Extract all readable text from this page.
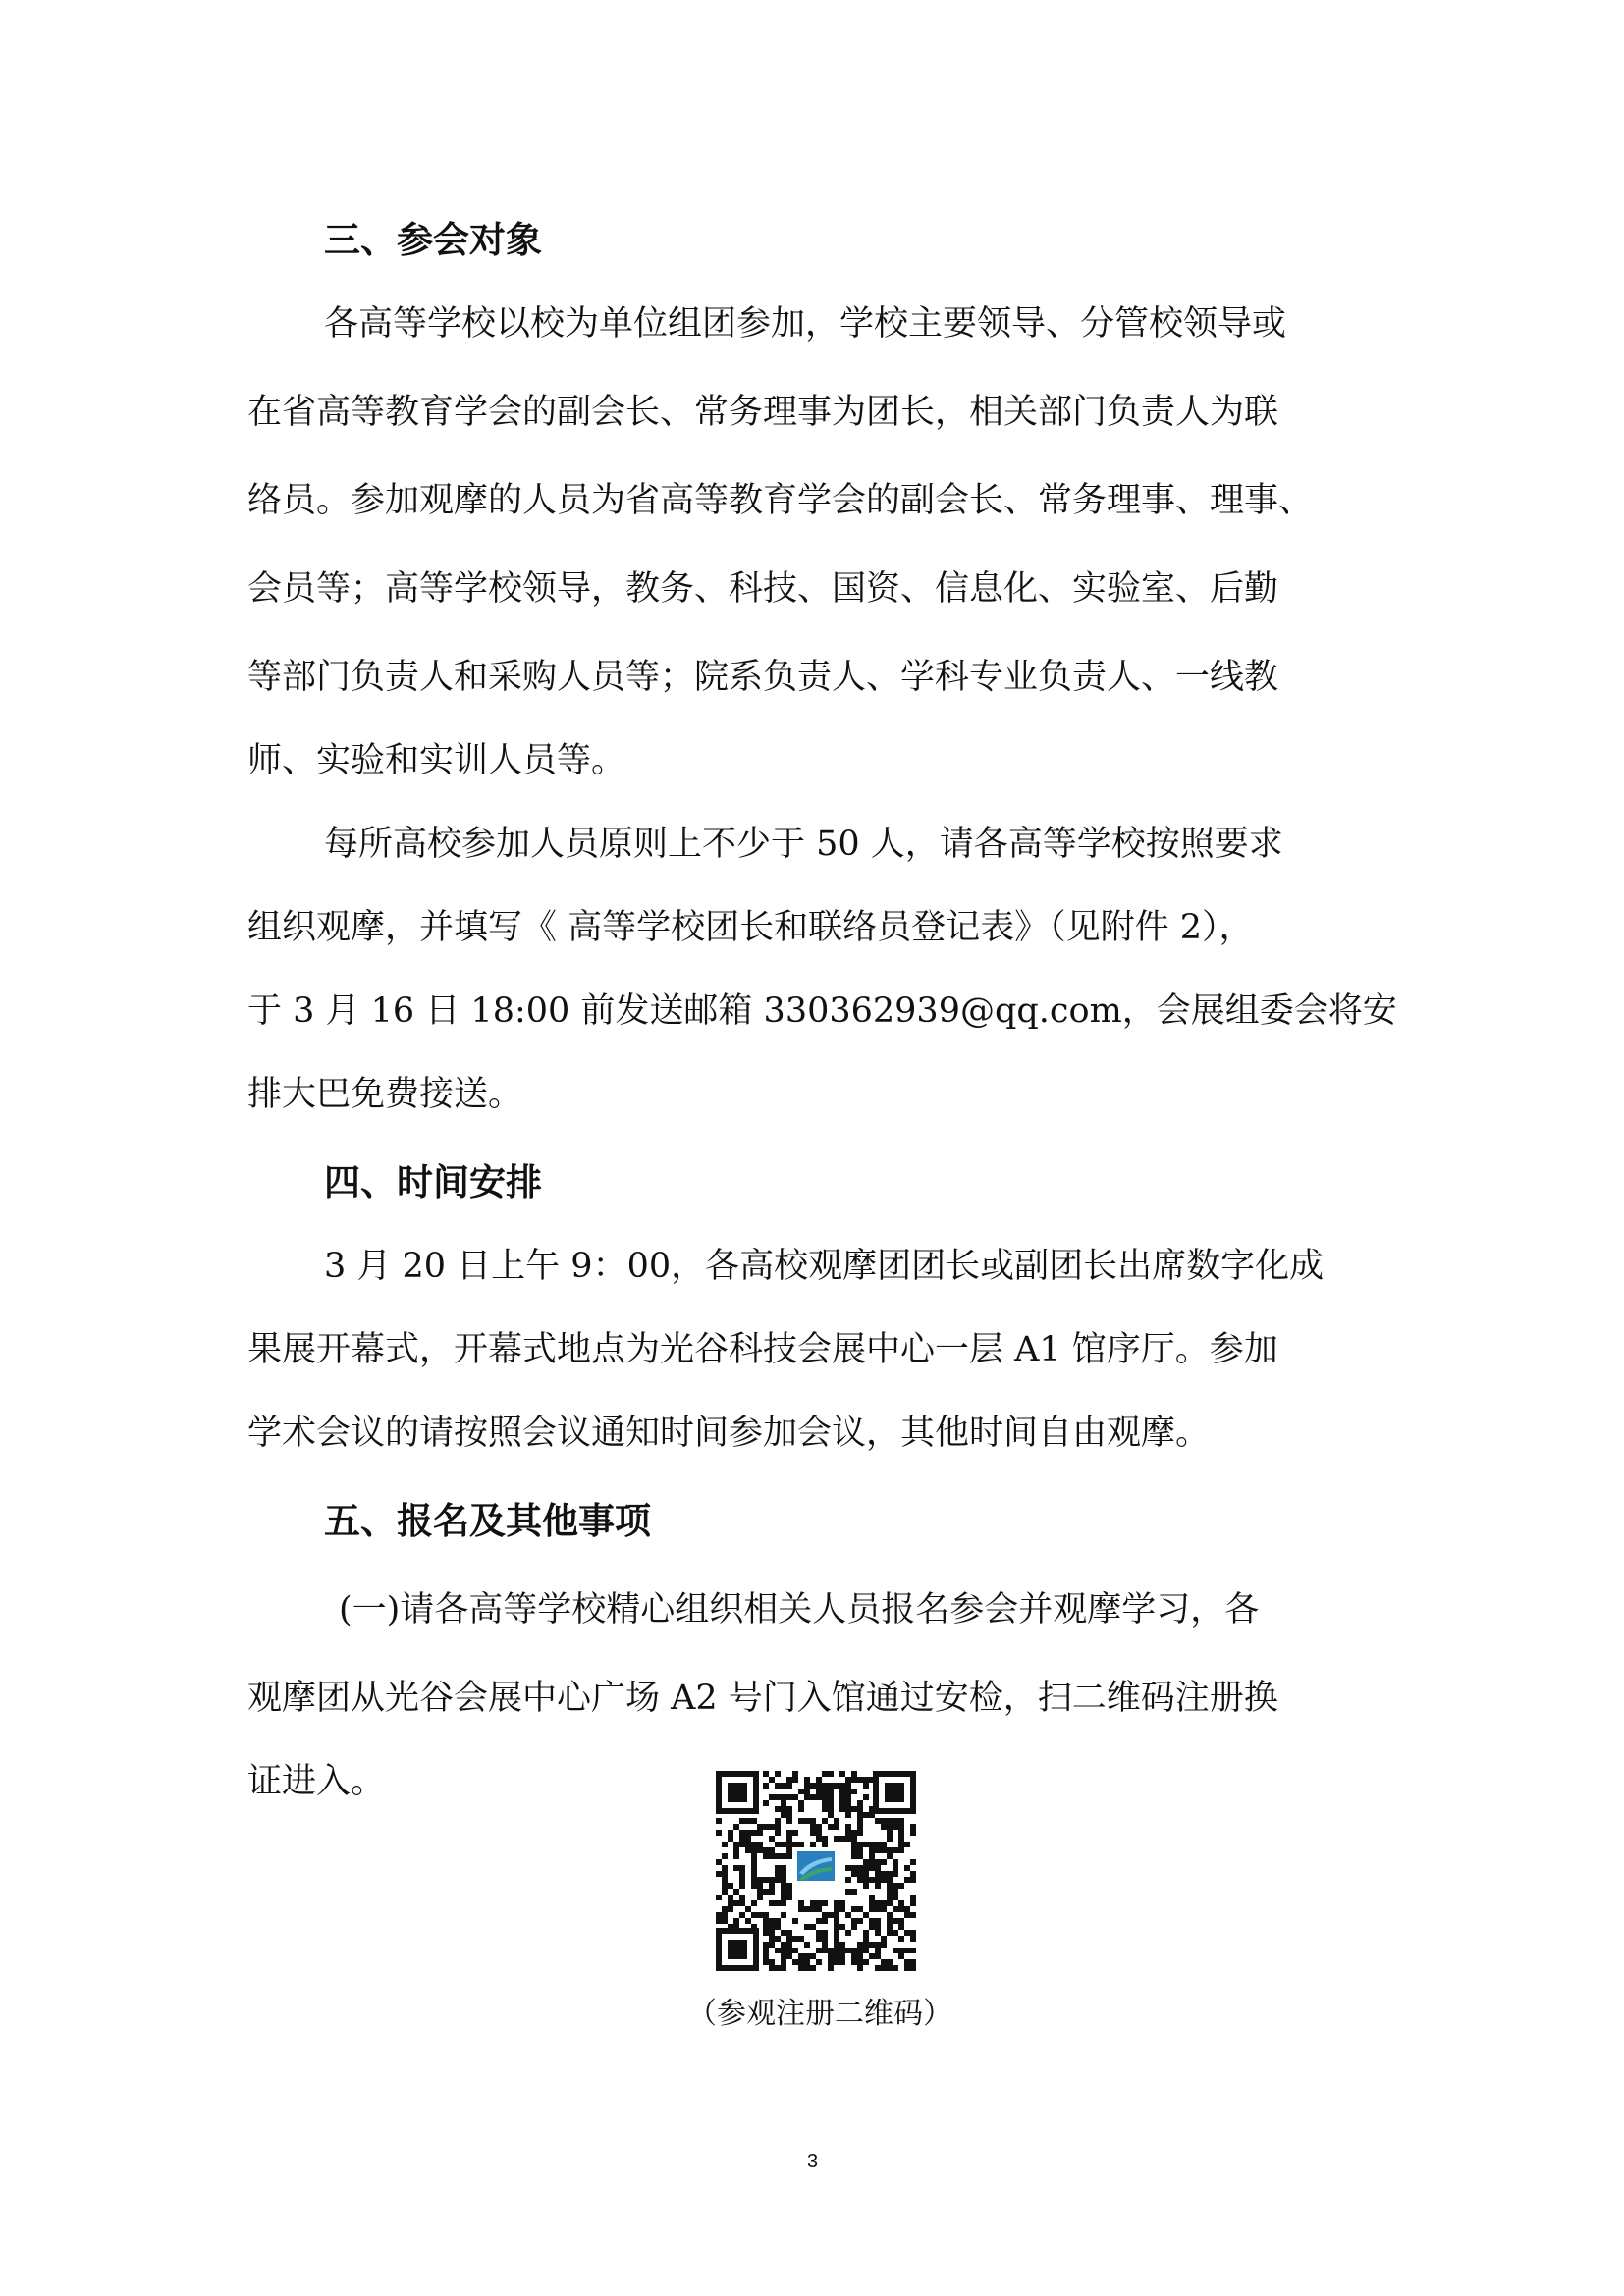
三、参会对象

各高等学校以校为单位组团参加，学校主要领导、分管校领导或

在省高等教育学会的副会长、常务理事为团长，相关部门负责人为联

络员。参加观摩的人员为省高等教育学会的副会长、常务理事、理事、

会员等；高等学校领导，教务、科技、国资、信息化、实验室、后勤

等部门负责人和采购人员等；院系负责人、学科专业负责人、一线教

师、实验和实训人员等。

每所高校参加人员原则上不少于 50 人，请各高等学校按照要求

组织观摩，并填写《 高等学校团长和联络员登记表》（见附件 2），

于 3 月 16 日 18:00 前发送邮箱 330362939@qq.com，会展组委会将安

排大巴免费接送。

四、时间安排

3 月 20 日上午 9：00，各高校观摩团团长或副团长出席数字化成

果展开幕式，开幕式地点为光谷科技会展中心一层 A1 馆序厅。参加

学术会议的请按照会议通知时间参加会议，其他时间自由观摩。

五、报名及其他事项

(一)请各高等学校精心组织相关人员报名参会并观摩学习，各

观摩团从光谷会展中心广场 A2 号门入馆通过安检，扫二维码注册换

证进入。

（参观注册二维码）

3
